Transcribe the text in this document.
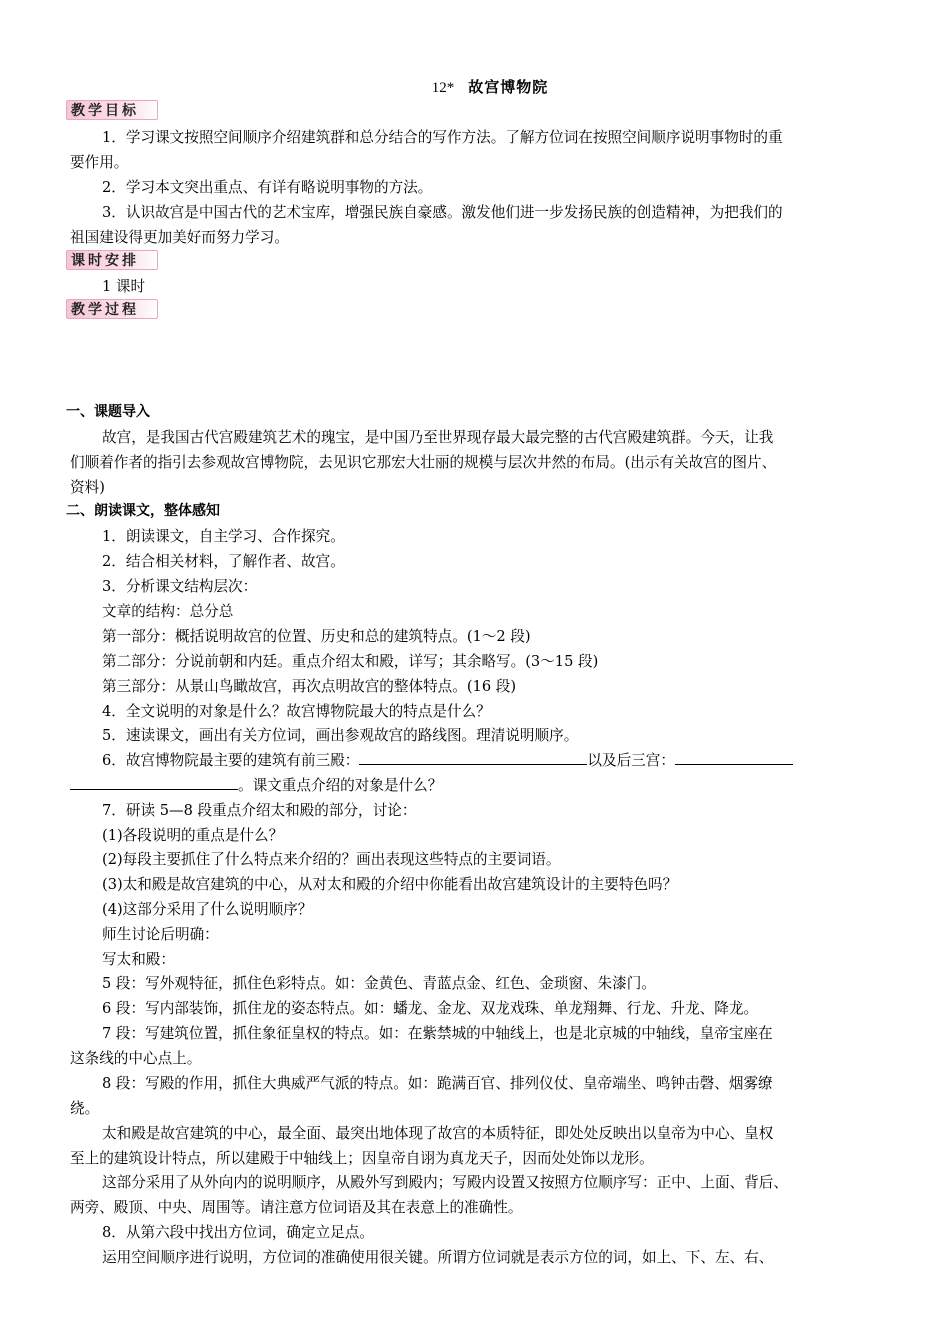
12* 故宫博物院
教学目标
1．学习课文按照空间顺序介绍建筑群和总分结合的写作方法。了解方位词在按照空间顺序说明事物时的重
要作用。
2．学习本文突出重点、有详有略说明事物的方法。
3．认识故宫是中国古代的艺术宝库，增强民族自豪感。激发他们进一步发扬民族的创造精神，为把我们的
祖国建设得更加美好而努力学习。
课时安排
1 课时
教学过程
一、课题导入
故宫，是我国古代宫殿建筑艺术的瑰宝，是中国乃至世界现存最大最完整的古代宫殿建筑群。今天，让我
们顺着作者的指引去参观故宫博物院，去见识它那宏大壮丽的规模与层次井然的布局。(出示有关故宫的图片、
资料)
二、朗读课文，整体感知
1．朗读课文，自主学习、合作探究。
2．结合相关材料，了解作者、故宫。
3．分析课文结构层次：
文章的结构：总分总
第一部分：概括说明故宫的位置、历史和总的建筑特点。(1～2 段)
第二部分：分说前朝和内廷。重点介绍太和殿，详写；其余略写。(3～15 段)
第三部分：从景山鸟瞰故宫，再次点明故宫的整体特点。(16 段)
4．全文说明的对象是什么？故宫博物院最大的特点是什么？
5．速读课文，画出有关方位词，画出参观故宫的路线图。理清说明顺序。
6．故宫博物院最主要的建筑有前三殿：	以及后三宫：
。课文重点介绍的对象是什么？
7．研读 5—8 段重点介绍太和殿的部分，讨论：
(1)各段说明的重点是什么？
(2)每段主要抓住了什么特点来介绍的？画出表现这些特点的主要词语。
(3)太和殿是故宫建筑的中心，从对太和殿的介绍中你能看出故宫建筑设计的主要特色吗？
(4)这部分采用了什么说明顺序？
师生讨论后明确：
写太和殿：
5 段：写外观特征，抓住色彩特点。如：金黄色、青蓝点金、红色、金琐窗、朱漆门。
6 段：写内部装饰，抓住龙的姿态特点。如：蟠龙、金龙、双龙戏珠、单龙翔舞、行龙、升龙、降龙。
7 段：写建筑位置，抓住象征皇权的特点。如：在紫禁城的中轴线上，也是北京城的中轴线，皇帝宝座在
这条线的中心点上。
8 段：写殿的作用，抓住大典威严气派的特点。如：跪满百官、排列仪仗、皇帝端坐、鸣钟击磬、烟雾缭
绕。
太和殿是故宫建筑的中心，最全面、最突出地体现了故宫的本质特征，即处处反映出以皇帝为中心、皇权
至上的建筑设计特点，所以建殿于中轴线上；因皇帝自诩为真龙天子，因而处处饰以龙形。
这部分采用了从外向内的说明顺序，从殿外写到殿内；写殿内设置又按照方位顺序写：正中、上面、背后、
两旁、殿顶、中央、周围等。请注意方位词语及其在表意上的准确性。
8．从第六段中找出方位词，确定立足点。
运用空间顺序进行说明，方位词的准确使用很关键。所谓方位词就是表示方位的词，如上、下、左、右、
